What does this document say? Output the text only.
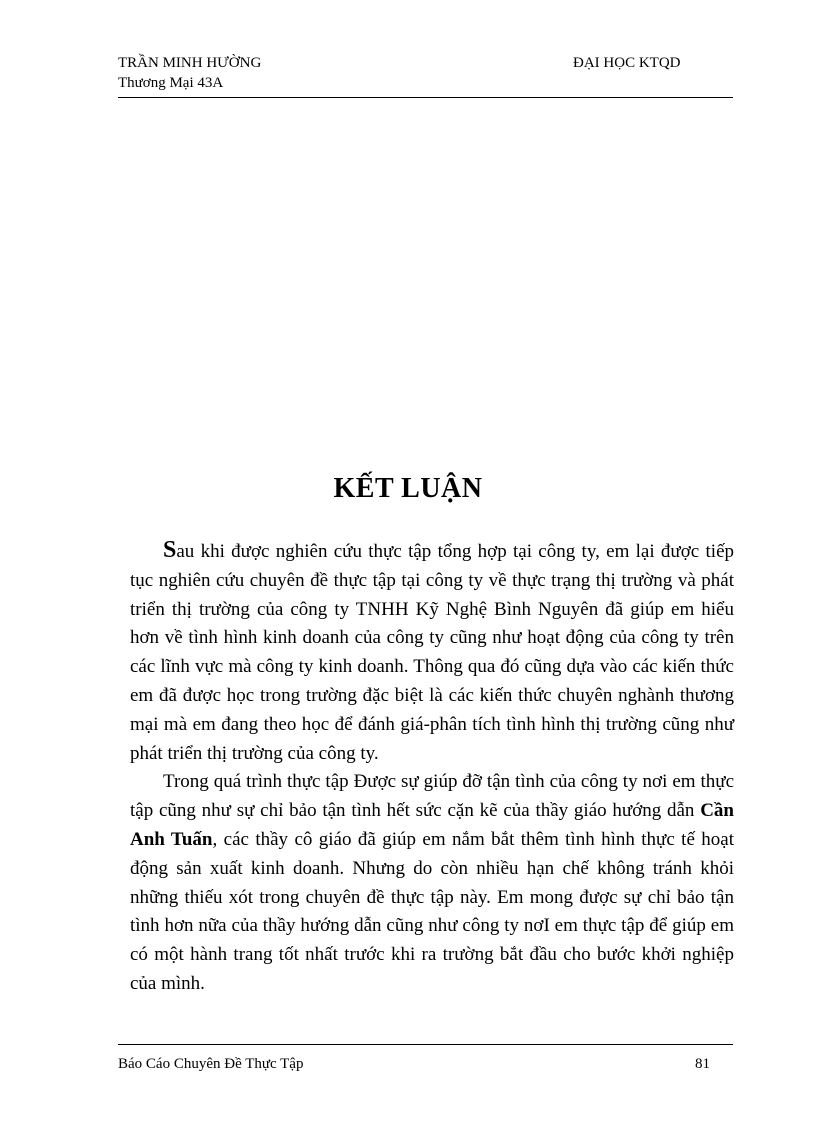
TRẦN MINH HƯỜNG
Thương Mại 43A
ĐẠI HỌC KTQD
KẾT LUẬN

Sau khi được nghiên cứu thực tập tổng hợp tại công ty, em lại được tiếp tục nghiên cứu chuyên đề thực tập tại công ty về thực trạng thị trường và phát triển thị trường của công ty TNHH Kỹ Nghệ Bình Nguyên đã giúp em hiểu hơn về tình hình kinh doanh của công ty cũng như hoạt động của công ty trên các lĩnh vực mà công ty kinh doanh. Thông qua đó cũng dựa vào các kiến thức em đã được học trong trường đặc biệt là các kiến thức chuyên nghành thương mại mà em đang theo học để đánh giá-phân tích tình hình thị trường cũng như phát triển thị trường của công ty.

Trong quá trình thực tập Được sự giúp đỡ tận tình của công ty nơi em thực tập cũng như sự chỉ bảo tận tình hết sức cặn kẽ của thầy giáo hướng dẫn Cần Anh Tuấn, các thầy cô giáo đã giúp em nắm bắt thêm tình hình thực tế hoạt động sản xuất kinh doanh. Nhưng do còn nhiều hạn chế không tránh khỏi những thiếu xót trong chuyên đề thực tập này. Em mong được sự chỉ bảo tận tình hơn nữa của thầy hướng dẫn cũng như công ty nơI em thực tập để giúp em có một hành trang tốt nhất trước khi ra trường bắt đầu cho bước khởi nghiệp của mình.

Báo Cáo Chuyên Đề Thực Tập	81
